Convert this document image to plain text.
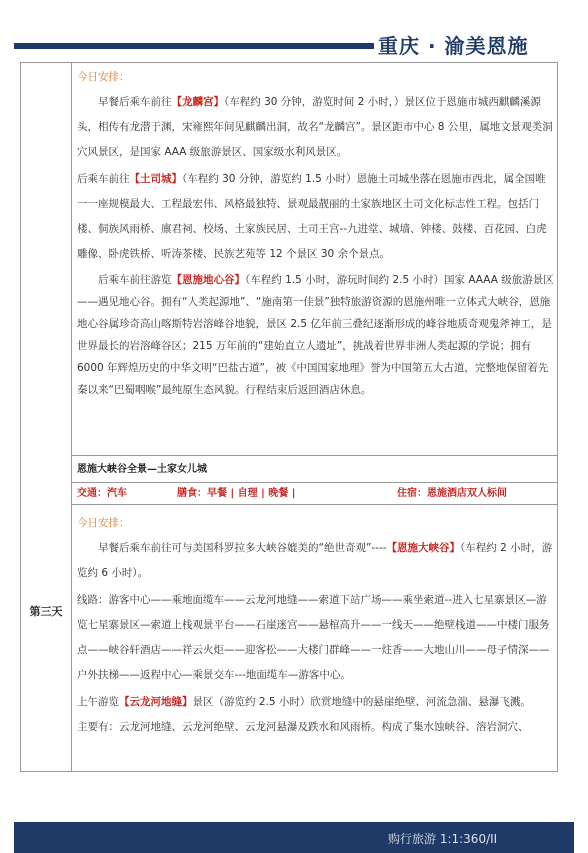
重庆 · 渝美恩施
第三天

今日安排：

早餐后乘车前往【龙麟宫】（车程约 30 分钟，游览时间 2 小时，）景区位于恩施市城西麒麟溪源头，相传有龙潜于渊，宋雍熙年间见麒麟出洞，故名“龙麟宫”。景区距市中心 8 公里，属地文景观类洞穴风景区，是国家 AAA 级旅游景区、国家级水利风景区。

后乘车前往【土司城】（车程约 30 分钟，游览约 1.5 小时）恩施土司城坐落在恩施市西北，属全国唯一一座规模最大、工程最宏伟、风格最独特、景观最靓丽的土家族地区土司文化标志性工程。包括门楼、侗族风雨桥、廪君祠、校场、土家族民居、土司王宫--九进堂、城墙、钟楼、鼓楼、百花园、白虎雕像、卧虎铁桥、听涛茶楼、民族艺苑等 12 个景区 30 余个景点。

后乘车前往游览【恩施地心谷】（车程约 1.5 小时，游玩时间约 2.5 小时）国家 AAAA 级旅游景区——遇见地心谷。拥有“人类起源地”、“施南第一佳景”独特旅游资源的恩施州唯一立体式大峡谷，恩施地心谷属珍奇高山喀斯特岩溶峰谷地貌，景区 2.5 亿年前三叠纪逐渐形成的峰谷地质奇观鬼斧神工，是世界最长的岩溶峰谷区；215 万年前的“建始直立人遗址”，挑战着世界非洲人类起源的学说；拥有 6000 年辉煌历史的中华文明“巴盐古道”，被《中国国家地理》誉为中国第五大古道，完整地保留着先秦以来“巴蜀咽喉”最纯原生态风貌。行程结束后返回酒店休息。

恩施大峡谷全景—土家女儿城
交通：汽车	膳食：早餐 | 自理 | 晚餐 |	住宿：恩施酒店双人标间

今日安排：

早餐后乘车前往可与美国科罗拉多大峡谷媲美的“绝世奇观”----【恩施大峡谷】（车程约 2 小时，游览约 6 小时）。

线路：游客中心——乘地面缆车——云龙河地缝——索道下站广场——乘坐索道--进入七星寨景区—游览七星寨景区—索道上栈观景平台——石崖迷宫——悬棺高升——一线天——绝壁栈道——中楼门服务点——峡谷轩酒店——祥云火炬——迎客松——大楼门群峰——一炷香——大地山川——母子情深——户外扶梯——返程中心—乘景交车---地面缆车—游客中心。

上午游览【云龙河地缝】景区（游览约 2.5 小时）欣赏地缝中的悬崖绝壁、河流急湍、悬瀑飞溅。

主要有：云龙河地缝、云龙河绝壁、云龙河悬瀑及跌水和风雨桥。构成了集水蚀峡谷、溶岩洞穴、

购行旅游 1:1:360/II
